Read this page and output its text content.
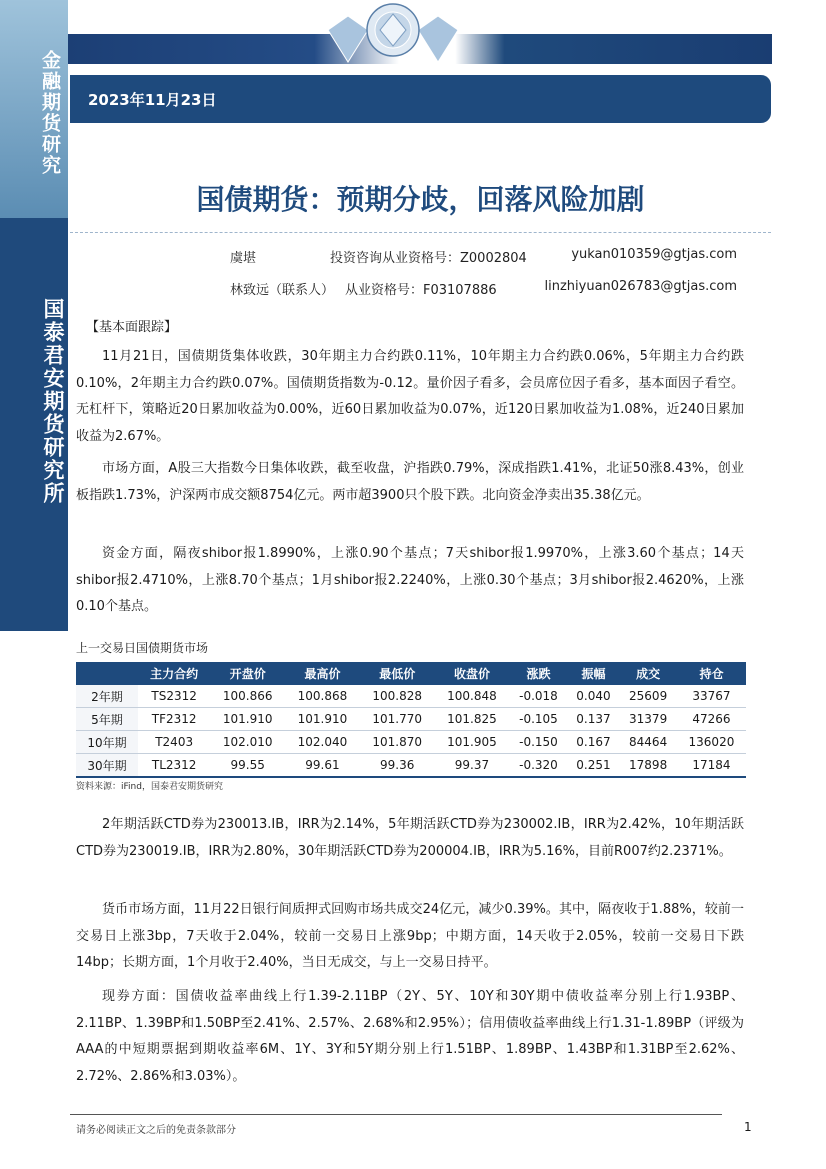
金融期货研究
国泰君安期货研究所
2023年11月23日
国债期货：预期分歧，回落风险加剧
虞堪	投资咨询从业资格号：Z0002804	yukan010359@gtjas.com
林致远（联系人） 从业资格号：F03107886	linzhiyuan026783@gtjas.com
【基本面跟踪】
11月21日，国债期货集体收跌，30年期主力合约跌0.11%，10年期主力合约跌0.06%，5年期主力合约跌0.10%，2年期主力合约跌0.07%。国债期货指数为-0.12。量价因子看多，会员席位因子看多，基本面因子看空。无杠杆下，策略近20日累加收益为0.00%，近60日累加收益为0.07%，近120日累加收益为1.08%，近240日累加收益为2.67%。
市场方面，A股三大指数今日集体收跌，截至收盘，沪指跌0.79%，深成指跌1.41%，北证50涨8.43%，创业板指跌1.73%，沪深两市成交额8754亿元。两市超3900只个股下跌。北向资金净卖出35.38亿元。
资金方面，隔夜shibor报1.8990%，上涨0.90个基点；7天shibor报1.9970%，上涨3.60个基点；14天shibor报2.4710%，上涨8.70个基点；1月shibor报2.2240%，上涨0.30个基点；3月shibor报2.4620%，上涨0.10个基点。
上一交易日国债期货市场
	主力合约	开盘价	最高价	最低价	收盘价	涨跌	振幅	成交	持仓
2年期	TS2312	100.866	100.868	100.828	100.848	-0.018	0.040	25609	33767
5年期	TF2312	101.910	101.910	101.770	101.825	-0.105	0.137	31379	47266
10年期	T2403	102.010	102.040	101.870	101.905	-0.150	0.167	84464	136020
30年期	TL2312	99.55	99.61	99.36	99.37	-0.320	0.251	17898	17184
资料来源：iFind，国泰君安期货研究
2年期活跃CTD券为230013.IB，IRR为2.14%，5年期活跃CTD券为230002.IB，IRR为2.42%，10年期活跃CTD券为230019.IB，IRR为2.80%，30年期活跃CTD券为200004.IB，IRR为5.16%，目前R007约2.2371%。
货币市场方面，11月22日银行间质押式回购市场共成交24亿元，减少0.39%。其中，隔夜收于1.88%，较前一交易日上涨3bp，7天收于2.04%，较前一交易日上涨9bp；中期方面，14天收于2.05%，较前一交易日下跌14bp；长期方面，1个月收于2.40%，当日无成交，与上一交易日持平。
现券方面：国债收益率曲线上行1.39-2.11BP（2Y、5Y、10Y和30Y期中债收益率分别上行1.93BP、2.11BP、1.39BP和1.50BP至2.41%、2.57%、2.68%和2.95%）；信用债收益率曲线上行1.31-1.89BP（评级为AAA的中短期票据到期收益率6M、1Y、3Y和5Y期分别上行1.51BP、1.89BP、1.43BP和1.31BP至2.62%、2.72%、2.86%和3.03%）。
请务必阅读正文之后的免责条款部分	1
